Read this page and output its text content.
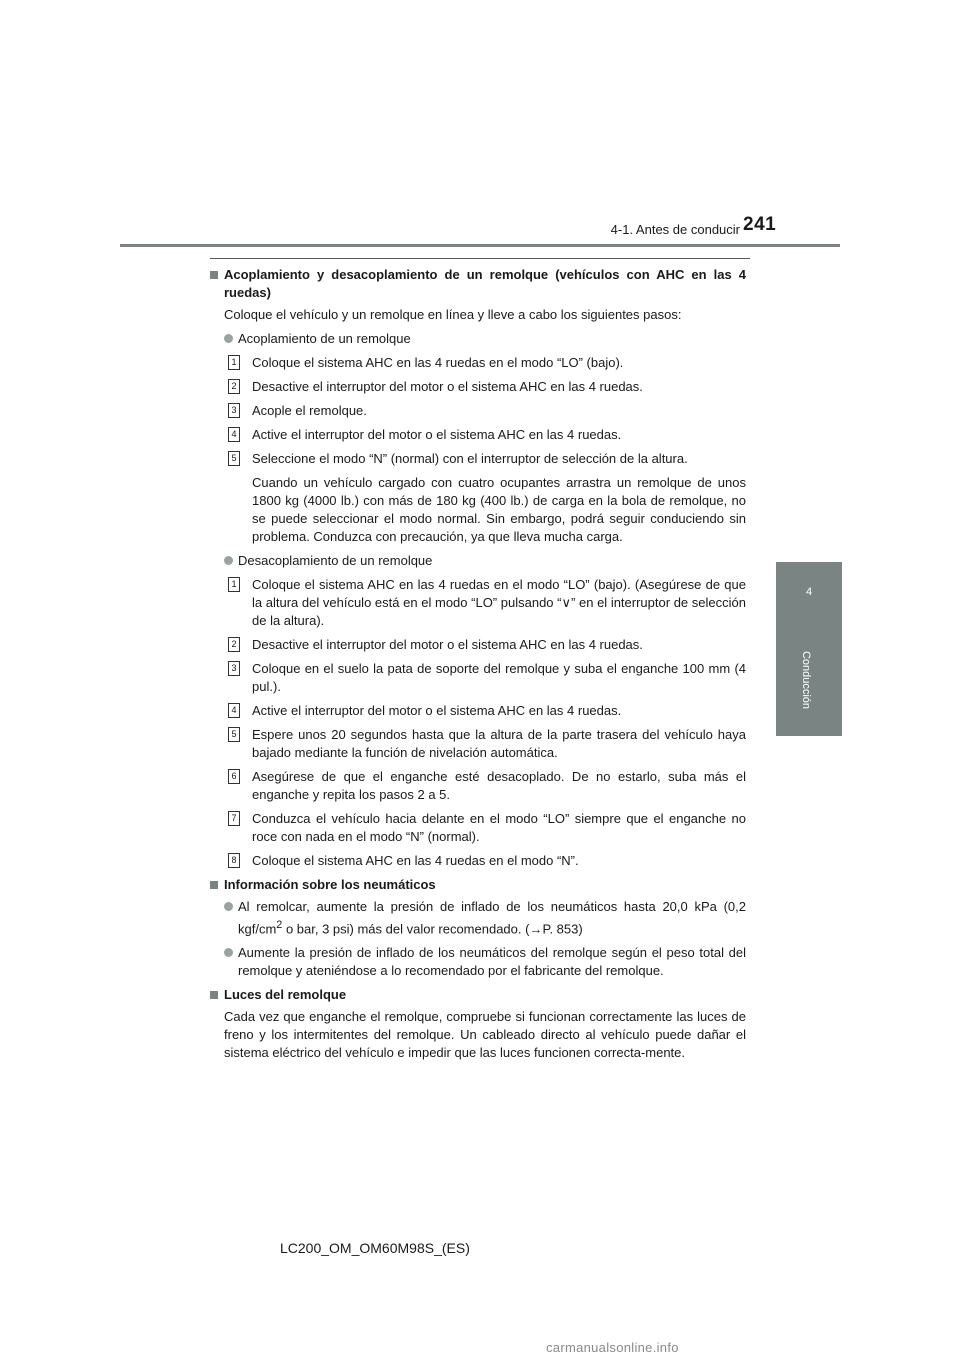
4-1. Antes de conducir 241
4
Conducción
Acoplamiento y desacoplamiento de un remolque (vehículos con AHC en las 4 ruedas)
Coloque el vehículo y un remolque en línea y lleve a cabo los siguientes pasos:
Acoplamiento de un remolque
1 Coloque el sistema AHC en las 4 ruedas en el modo “LO” (bajo).
2 Desactive el interruptor del motor o el sistema AHC en las 4 ruedas.
3 Acople el remolque.
4 Active el interruptor del motor o el sistema AHC en las 4 ruedas.
5 Seleccione el modo “N” (normal) con el interruptor de selección de la altura.
Cuando un vehículo cargado con cuatro ocupantes arrastra un remolque de unos 1800 kg (4000 lb.) con más de 180 kg (400 lb.) de carga en la bola de remolque, no se puede seleccionar el modo normal. Sin embargo, podrá seguir conduciendo sin problema. Conduzca con precaución, ya que lleva mucha carga.
Desacoplamiento de un remolque
1 Coloque el sistema AHC en las 4 ruedas en el modo “LO” (bajo). (Asegúrese de que la altura del vehículo está en el modo “LO” pulsando “∨” en el interruptor de selección de la altura).
2 Desactive el interruptor del motor o el sistema AHC en las 4 ruedas.
3 Coloque en el suelo la pata de soporte del remolque y suba el enganche 100 mm (4 pul.).
4 Active el interruptor del motor o el sistema AHC en las 4 ruedas.
5 Espere unos 20 segundos hasta que la altura de la parte trasera del vehículo haya bajado mediante la función de nivelación automática.
6 Asegúrese de que el enganche esté desacoplado. De no estarlo, suba más el enganche y repita los pasos 2 a 5.
7 Conduzca el vehículo hacia delante en el modo “LO” siempre que el enganche no roce con nada en el modo “N” (normal).
8 Coloque el sistema AHC en las 4 ruedas en el modo “N”.
Información sobre los neumáticos
Al remolcar, aumente la presión de inflado de los neumáticos hasta 20,0 kPa (0,2 kgf/$cm^2$ o bar, 3 psi) más del valor recomendado. (→P. 853)
Aumente la presión de inflado de los neumáticos del remolque según el peso total del remolque y ateniéndose a lo recomendado por el fabricante del remolque.
Luces del remolque
Cada vez que enganche el remolque, compruebe si funcionan correctamente las luces de freno y los intermitentes del remolque. Un cableado directo al vehículo puede dañar el sistema eléctrico del vehículo e impedir que las luces funcionen correcta-mente.
LC200_OM_OM60M98S_(ES)
carmanualsonline.info
